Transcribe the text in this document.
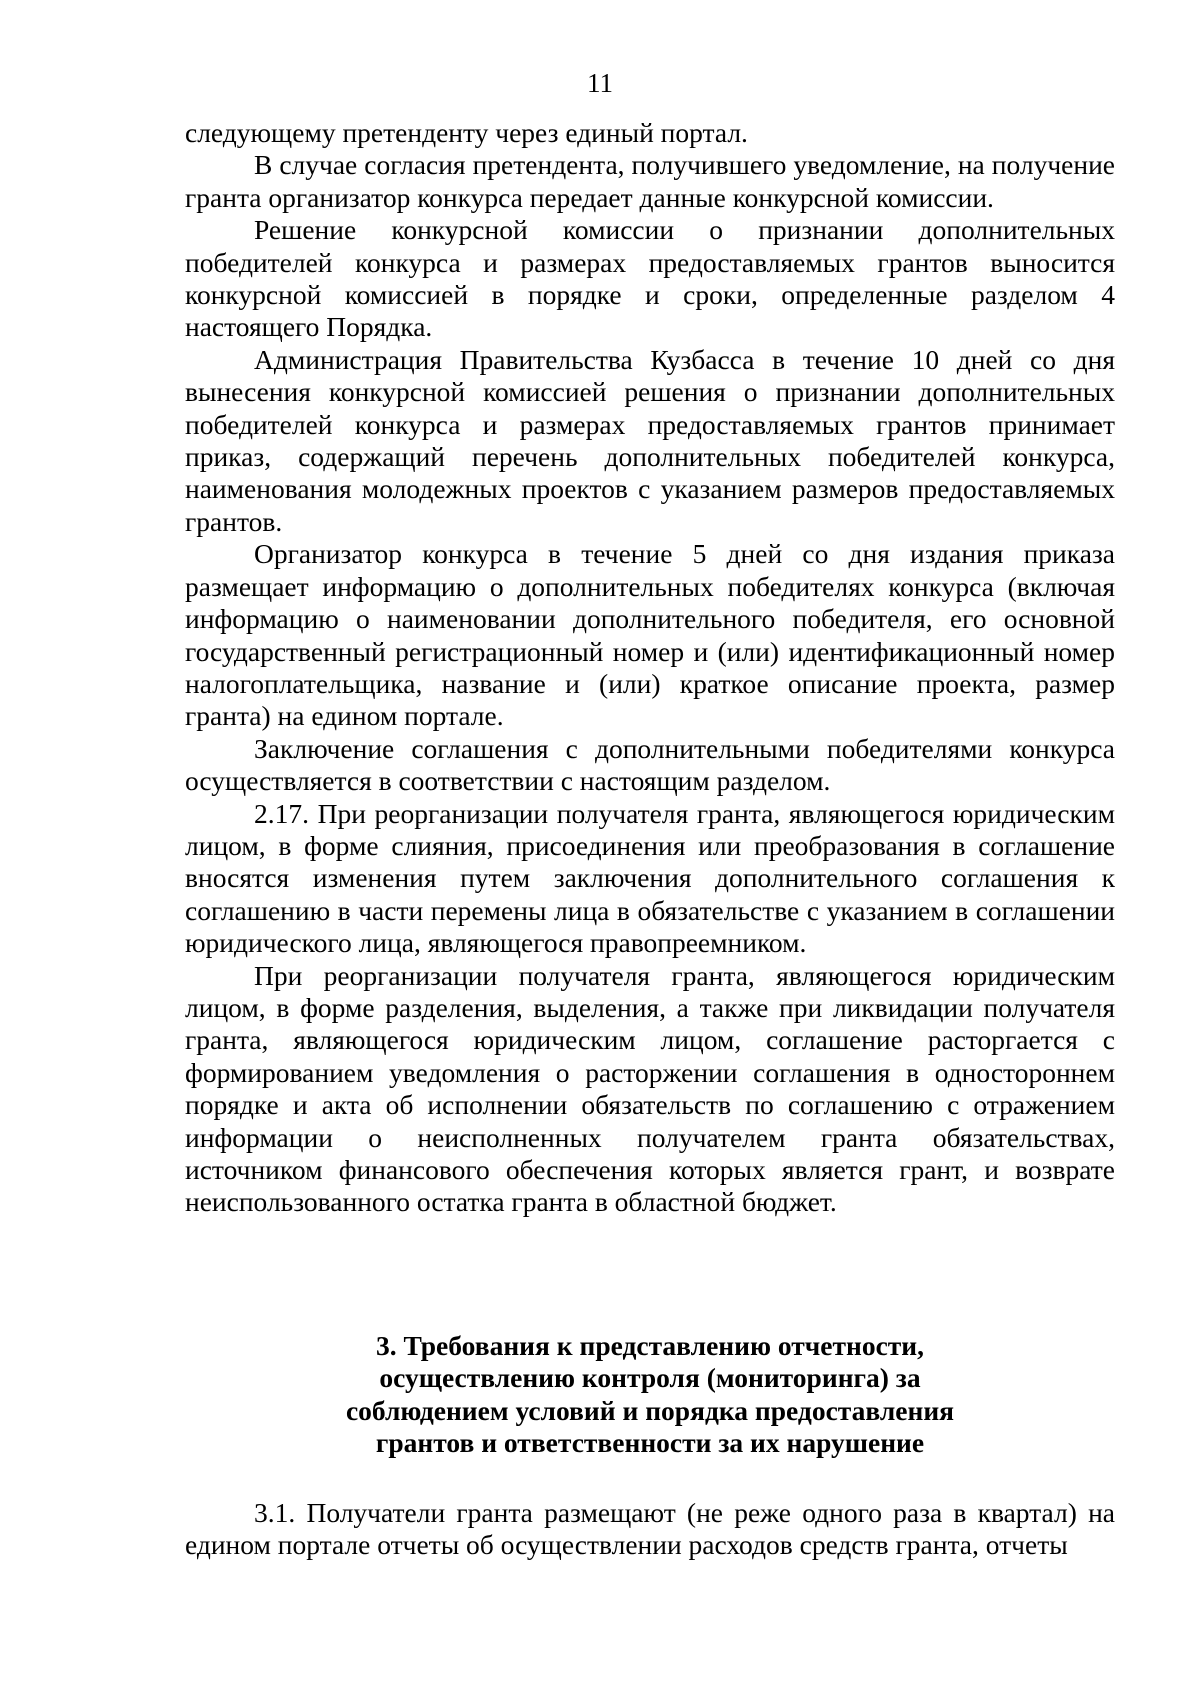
11

следующему претенденту через единый портал.

В случае согласия претендента, получившего уведомление, на получение гранта организатор конкурса передает данные конкурсной комиссии.

Решение конкурсной комиссии о признании дополнительных победителей конкурса и размерах предоставляемых грантов выносится конкурсной комиссией в порядке и сроки, определенные разделом 4 настоящего Порядка.

Администрация Правительства Кузбасса в течение 10 дней со дня вынесения конкурсной комиссией решения о признании дополнительных победителей конкурса и размерах предоставляемых грантов принимает приказ, содержащий перечень дополнительных победителей конкурса, наименования молодежных проектов с указанием размеров предоставляемых грантов.

Организатор конкурса в течение 5 дней со дня издания приказа размещает информацию о дополнительных победителях конкурса (включая информацию о наименовании дополнительного победителя, его основной государственный регистрационный номер и (или) идентификационный номер налогоплательщика, название и (или) краткое описание проекта, размер гранта) на едином портале.

Заключение соглашения с дополнительными победителями конкурса осуществляется в соответствии с настоящим разделом.

2.17. При реорганизации получателя гранта, являющегося юридическим лицом, в форме слияния, присоединения или преобразования в соглашение вносятся изменения путем заключения дополнительного соглашения к соглашению в части перемены лица в обязательстве с указанием в соглашении юридического лица, являющегося правопреемником.

При реорганизации получателя гранта, являющегося юридическим лицом, в форме разделения, выделения, а также при ликвидации получателя гранта, являющегося юридическим лицом, соглашение расторгается с формированием уведомления о расторжении соглашения в одностороннем порядке и акта об исполнении обязательств по соглашению с отражением информации о неисполненных получателем гранта обязательствах, источником финансового обеспечения которых является грант, и возврате неиспользованного остатка гранта в областной бюджет.

3. Требования к представлению отчетности,
осуществлению контроля (мониторинга) за
соблюдением условий и порядка предоставления
грантов и ответственности за их нарушение

3.1. Получатели гранта размещают (не реже одного раза в квартал) на едином портале отчеты об осуществлении расходов средств гранта, отчеты
